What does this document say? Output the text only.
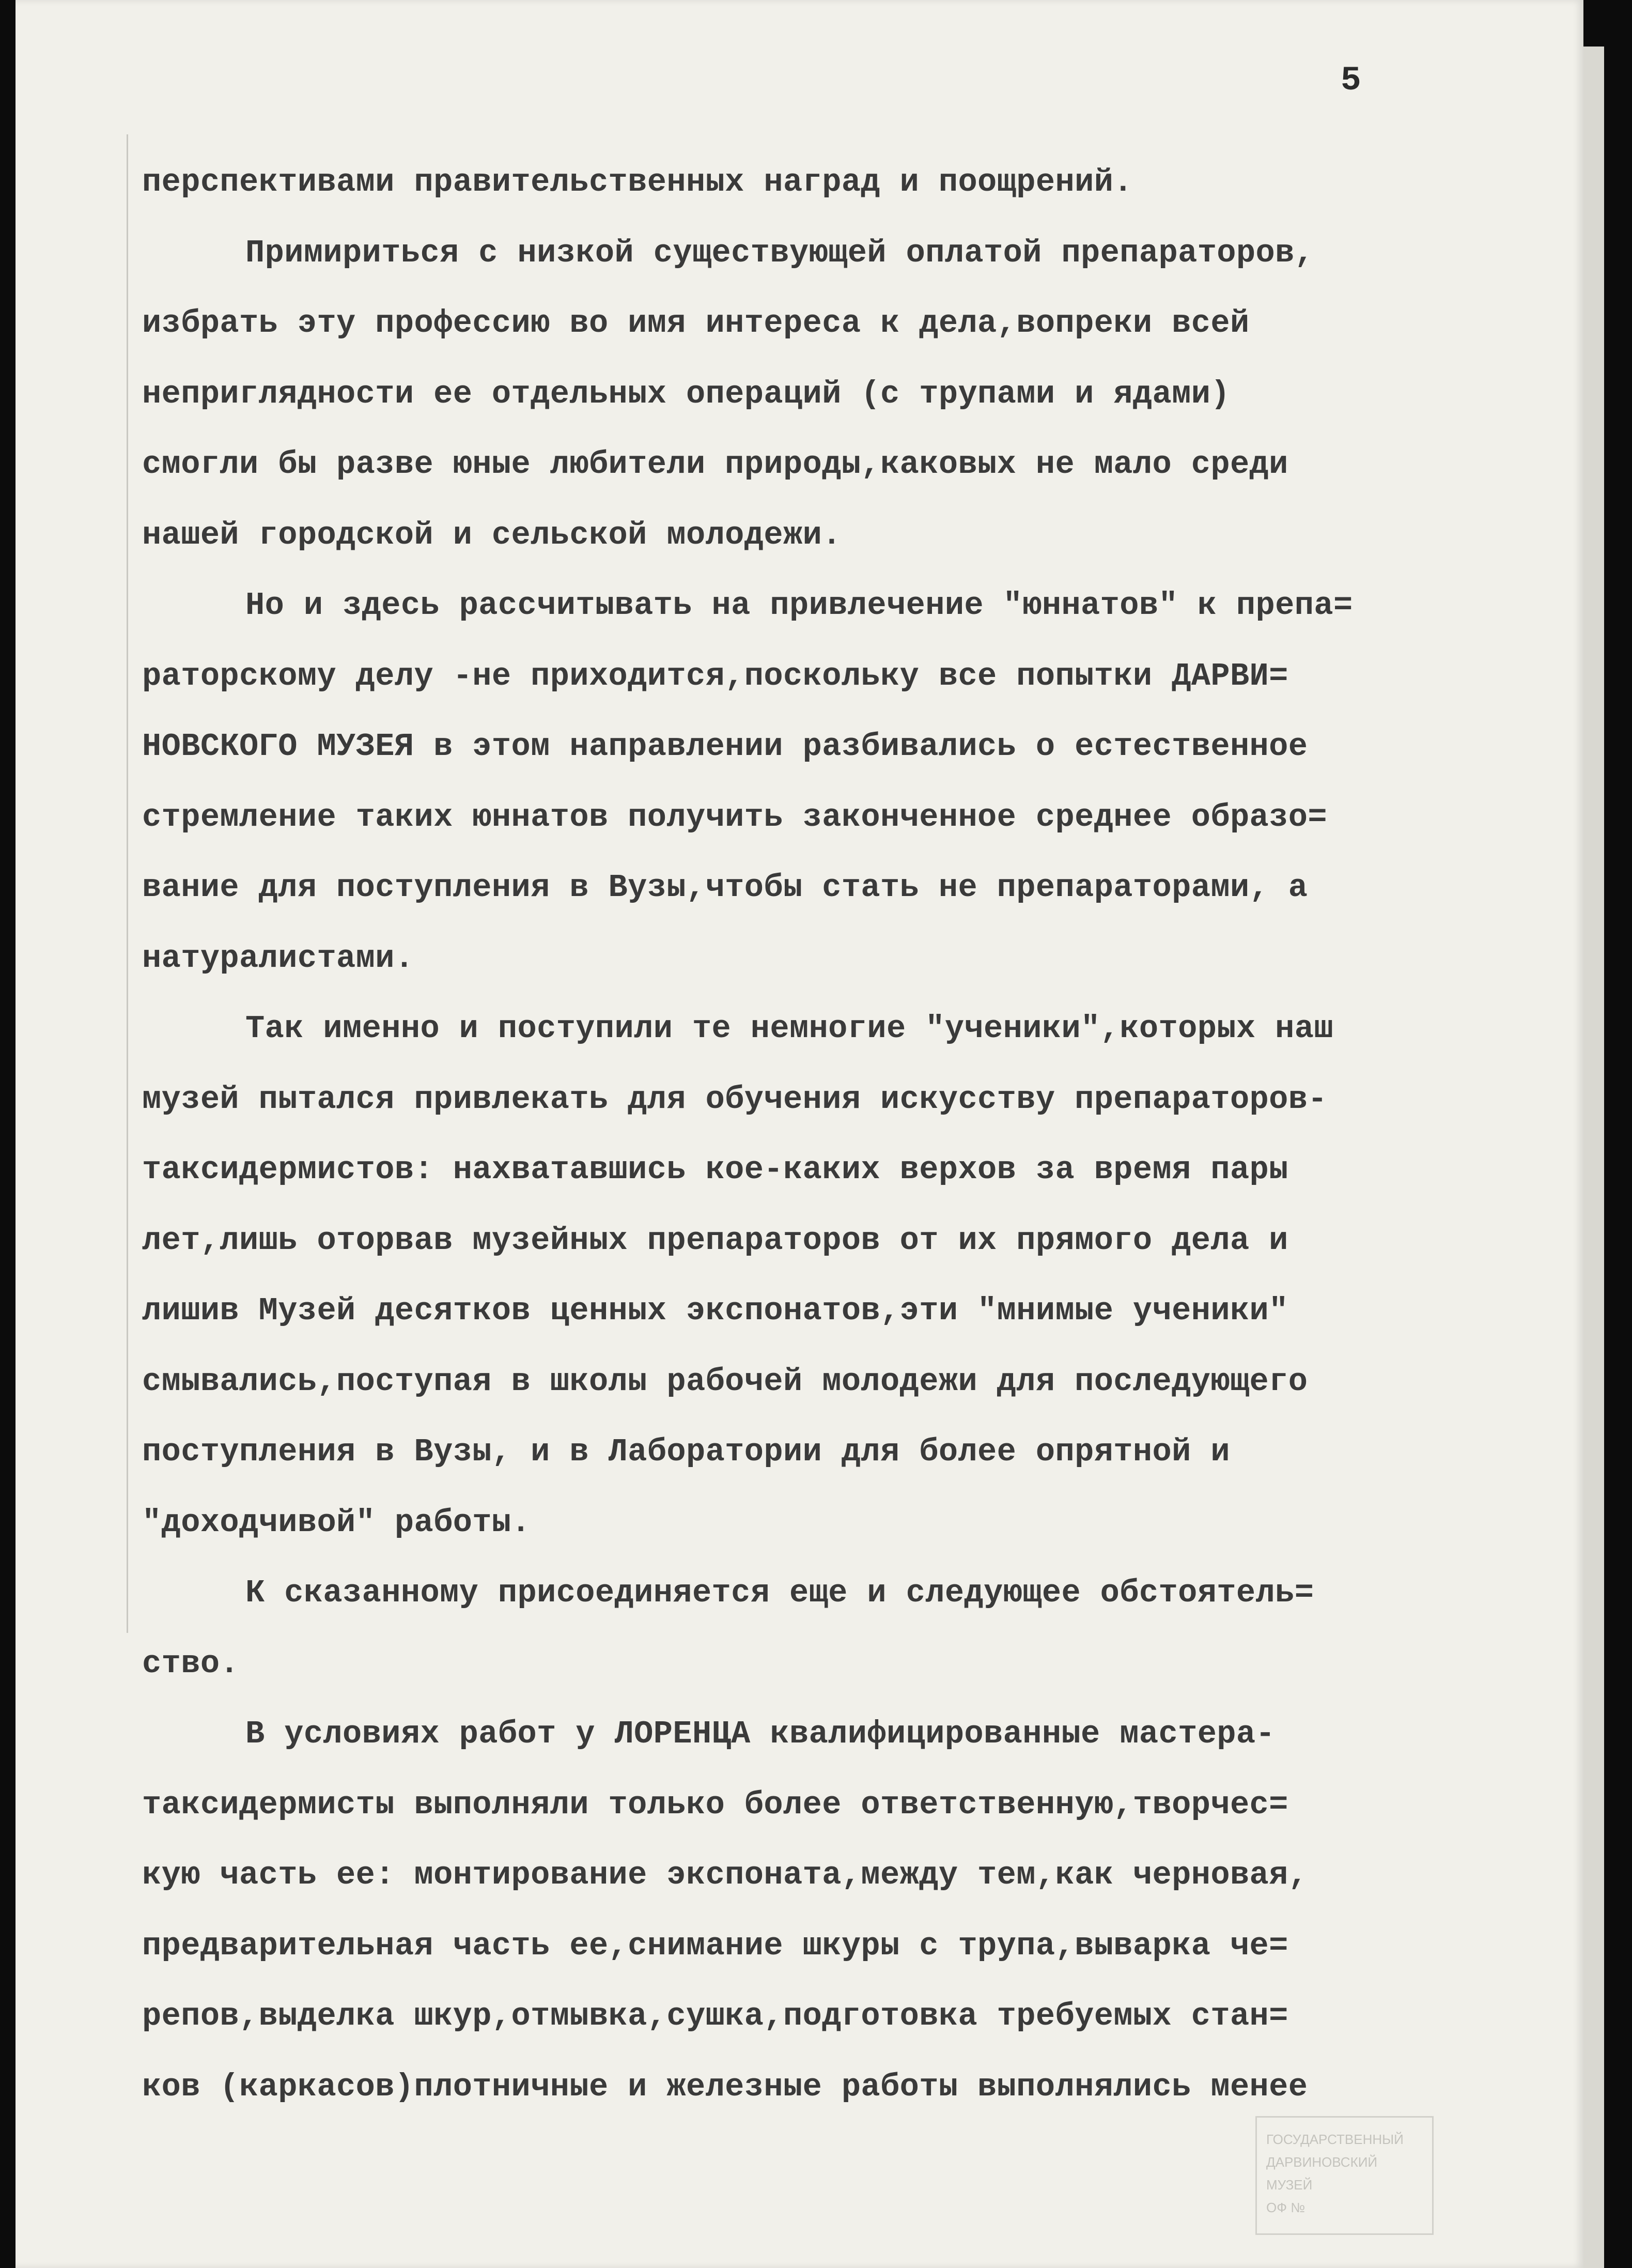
5
перспективами правительственных наград и поощрений.
Примириться с низкой существующей оплатой препараторов,
избрать эту профессию во имя интереса к дела,вопреки всей
неприглядности ее отдельных операций (с трупами и ядами)
смогли бы разве юные любители природы,каковых не мало среди
нашей городской и сельской молодежи.
Но и здесь рассчитывать на привлечение "юннатов" к препа=
раторскому делу -не приходится,поскольку все попытки ДАРВИ=
НОВСКОГО МУЗЕЯ в этом направлении разбивались о естественное
стремление таких юннатов получить законченное среднее образо=
вание для поступления в Вузы,чтобы стать не препараторами, а
натуралистами.
Так именно и поступили те немногие "ученики",которых наш
музей пытался привлекать для обучения искусству препараторов-
таксидермистов: нахватавшись кое-каких верхов за время пары
лет,лишь оторвав музейных препараторов от их прямого дела и
лишив Музей десятков ценных экспонатов,эти "мнимые ученики"
смывались,поступая в школы рабочей молодежи для последующего
поступления в Вузы, и в Лаборатории для более опрятной и
"доходчивой" работы.
К сказанному присоединяется еще и следующее обстоятель=
ство.
В условиях работ у ЛОРЕНЦА квалифицированные мастера-
таксидермисты выполняли только более ответственную,творчес=
кую часть ее: монтирование экспоната,между тем,как черновая,
предварительная часть ее,снимание шкуры с трупа,выварка че=
репов,выделка шкур,отмывка,сушка,подготовка требуемых стан=
ков (каркасов)плотничные и железные работы выполнялись менее
ГОСУДАРСТВЕННЫЙ
ДАРВИНОВСКИЙ МУЗЕЙ
ОФ №
